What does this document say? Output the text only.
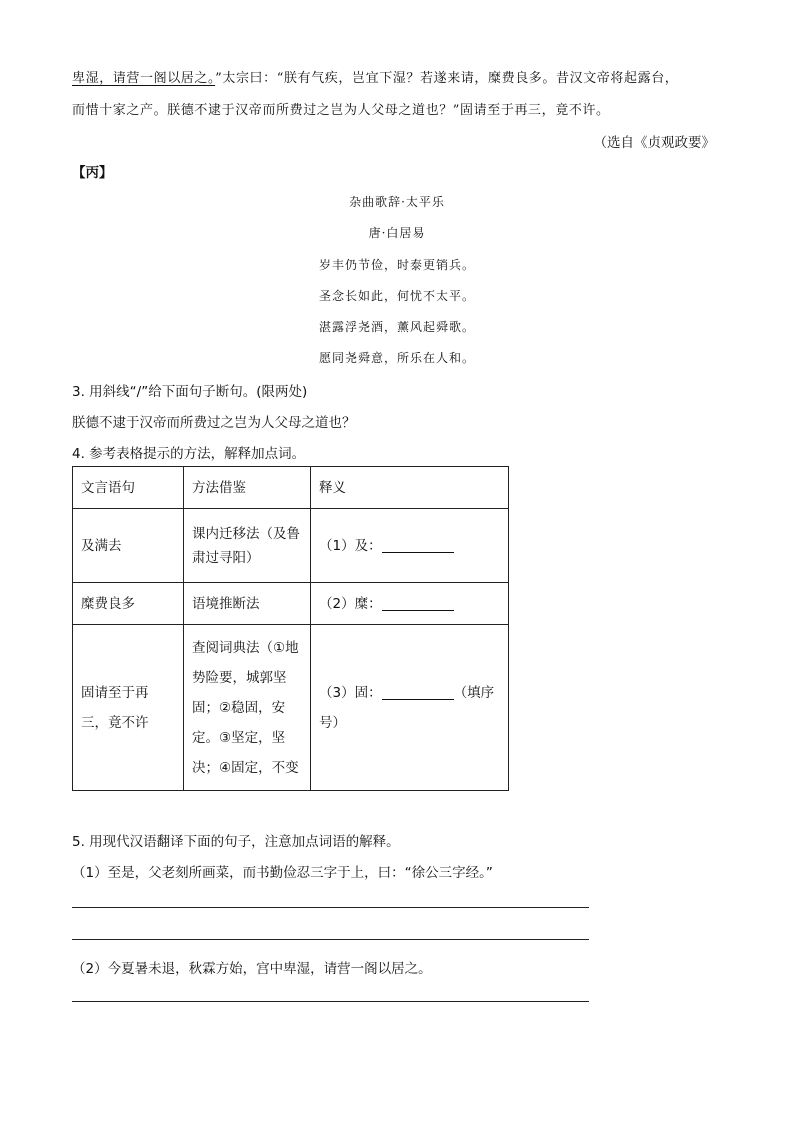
卑湿，请营一阁以居之。”太宗曰：“朕有气疾，岂宜下湿？若遂来请，糜费良多。昔汉文帝将起露台，
而惜十家之产。朕德不逮于汉帝而所费过之岂为人父母之道也？”固请至于再三，竟不许。
（选自《贞观政要》
【丙】
杂曲歌辞·太平乐
唐·白居易
岁丰仍节俭，时泰更销兵。
圣念长如此，何忧不太平。
湛露浮尧酒，薰风起舜歌。
愿同尧舜意，所乐在人和。
3. 用斜线“/”给下面句子断句。(限两处)
朕德不逮于汉帝而所费过之岂为人父母之道也？
4. 参考表格提示的方法，解释加点词。
文言语句	方法借鉴	释义
及满去	课内迁移法（及鲁肃过寻阳）	（1）及：
糜费良多	语境推断法	（2）糜：
固请至于再三，竟不许	查阅词典法（①地势险要，城郭坚固；②稳固，安定。③坚定，坚决；④固定，不变	（3）固： （填序号）
5. 用现代汉语翻译下面的句子，注意加点词语的解释。
（1）至是，父老刻所画菜，而书勤俭忍三字于上，曰：“徐公三字经。”
（2）今夏暑未退，秋霖方始，宫中卑湿，请营一阁以居之。
